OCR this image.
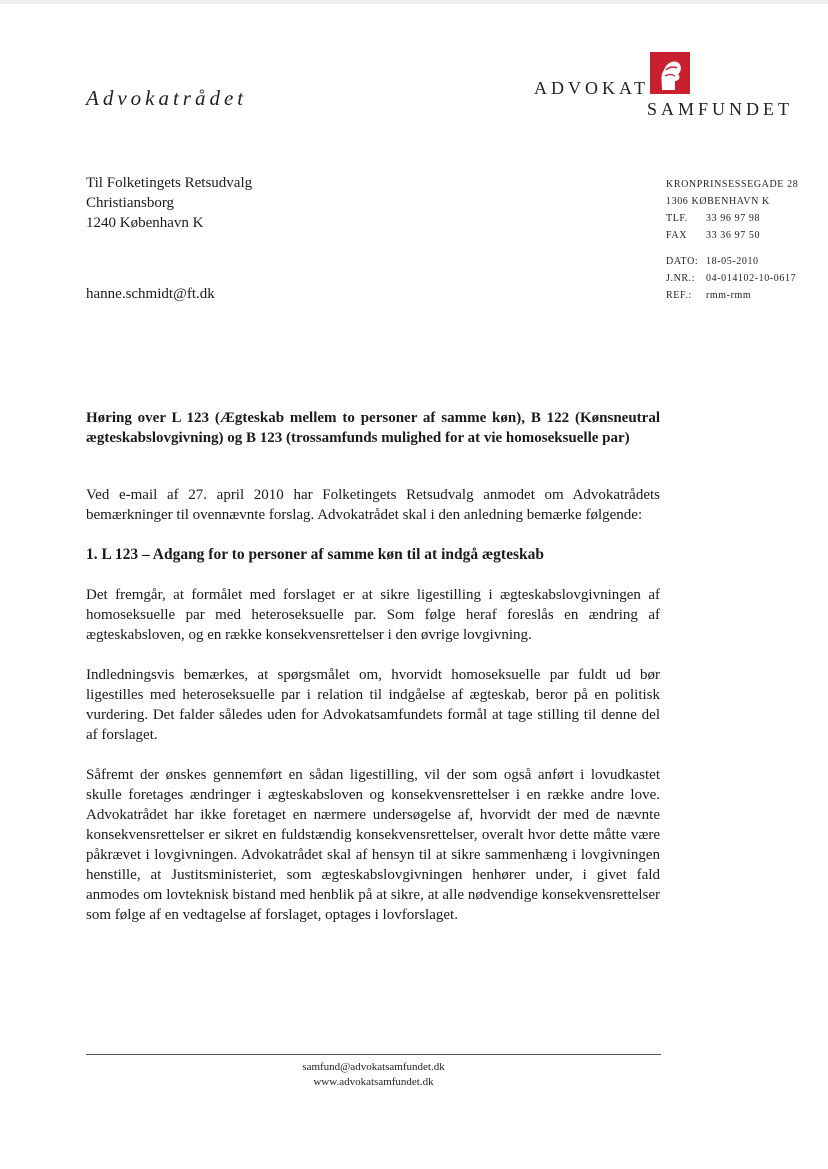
Advokatrådet	ADVOKAT
SAMFUNDET
Til Folketingets Retsudvalg
Christiansborg
1240 København K
hanne.schmidt@ft.dk
KRONPRINSESSEGADE 28
1306 KØBENHAVN K
TLF. 33 96 97 98
FAX 33 36 97 50
DATO: 18-05-2010
J.NR.: 04-014102-10-0617
REF.: rmm-rmm

Høring over L 123 (Ægteskab mellem to personer af samme køn), B 122 (Kønsneutral ægteskabslovgivning) og B 123 (trossamfunds mulighed for at vie homoseksuelle par)

Ved e-mail af 27. april 2010 har Folketingets Retsudvalg anmodet om Advokatrådets bemærkninger til ovennævnte forslag. Advokatrådet skal i den anledning bemærke følgende:

1. L 123 – Adgang for to personer af samme køn til at indgå ægteskab

Det fremgår, at formålet med forslaget er at sikre ligestilling i ægteskabslovgivningen af homoseksuelle par med heteroseksuelle par. Som følge heraf foreslås en ændring af ægteskabsloven, og en række konsekvensrettelser i den øvrige lovgivning.

Indledningsvis bemærkes, at spørgsmålet om, hvorvidt homoseksuelle par fuldt ud bør ligestilles med heteroseksuelle par i relation til indgåelse af ægteskab, beror på en politisk vurdering. Det falder således uden for Advokatsamfundets formål at tage stilling til denne del af forslaget.

Såfremt der ønskes gennemført en sådan ligestilling, vil der som også anført i lovudkastet skulle foretages ændringer i ægteskabsloven og konsekvensrettelser i en række andre love. Advokatrådet har ikke foretaget en nærmere undersøgelse af, hvorvidt der med de nævnte konsekvensrettelser er sikret en fuldstændig konsekvensrettelser, overalt hvor dette måtte være påkrævet i lovgivningen. Advokatrådet skal af hensyn til at sikre sammenhæng i lovgivningen henstille, at Justitsministeriet, som ægteskabslovgivningen henhører under, i givet fald anmodes om lovteknisk bistand med henblik på at sikre, at alle nødvendige konsekvensrettelser som følge af en vedtagelse af forslaget, optages i lovforslaget.

samfund@advokatsamfundet.dk
www.advokatsamfundet.dk
